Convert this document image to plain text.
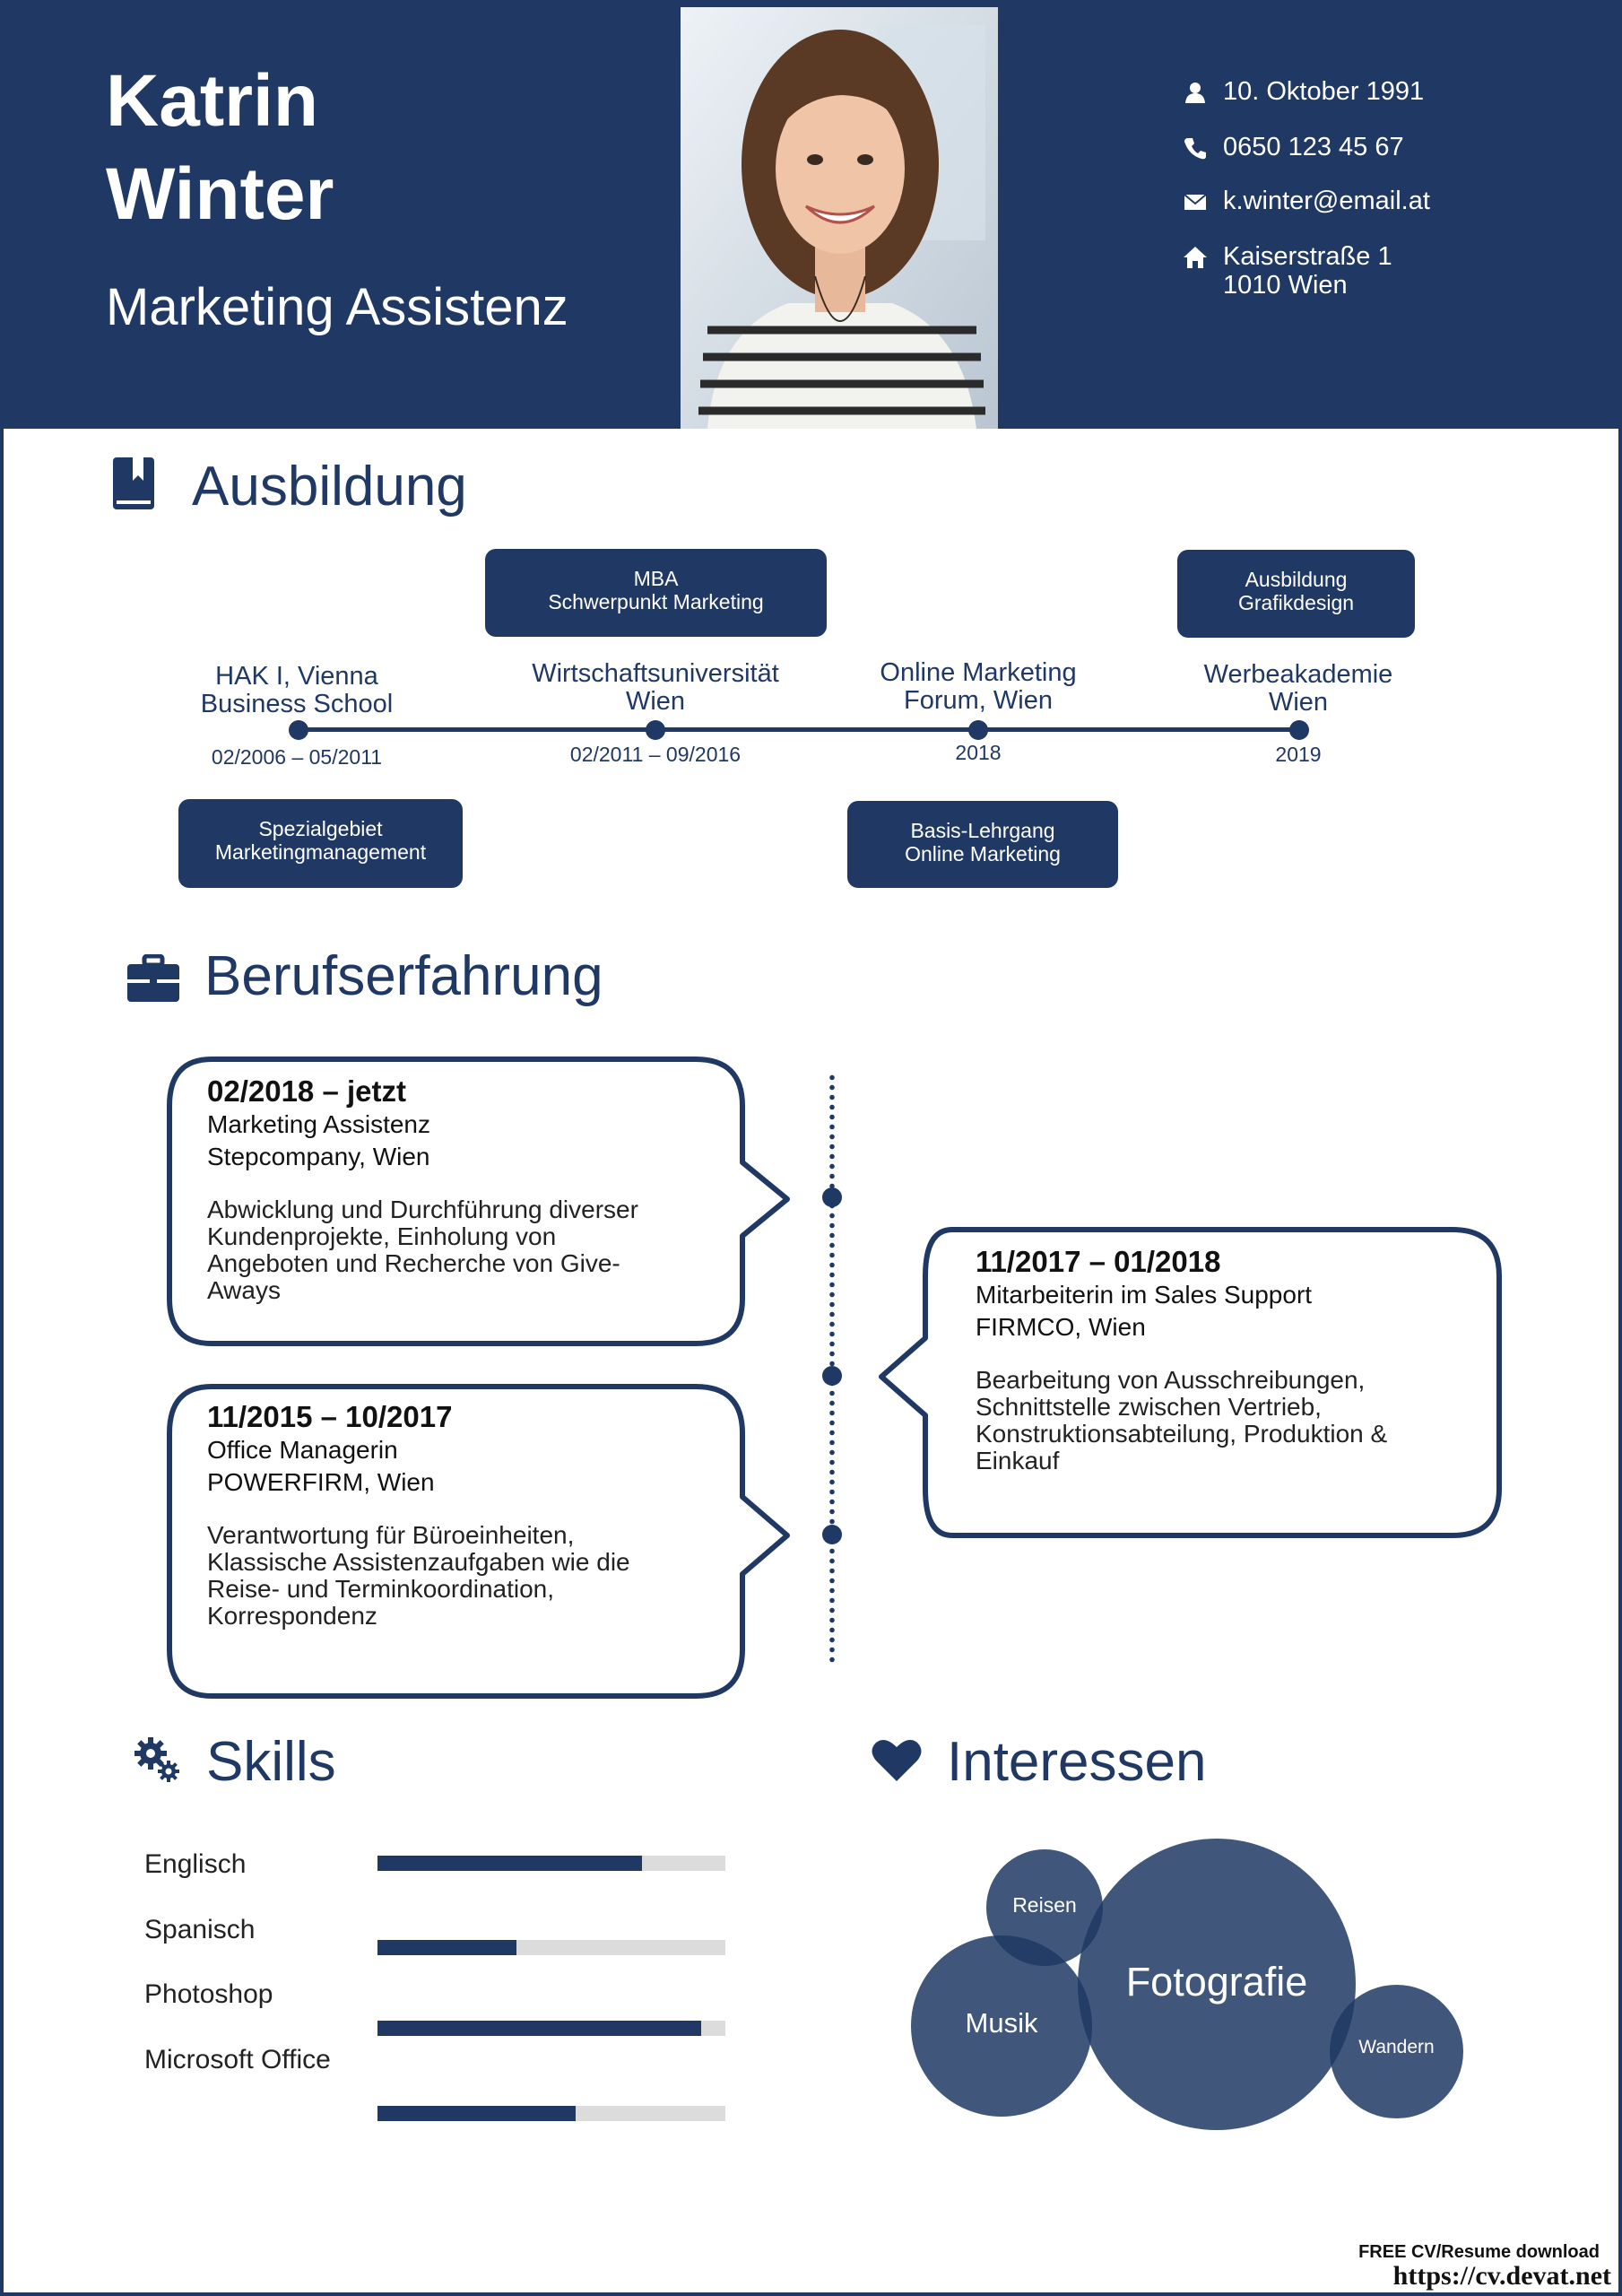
Katrin
Winter
Marketing Assistenz
10. Oktober 1991
0650 123 45 67
k.winter@email.at
Kaiserstraße 1
1010 Wien
Ausbildung
HAK I, Vienna
Business School
Wirtschaftsuniversität
Wien
Online Marketing
Forum, Wien
Werbeakademie
Wien
02/2006 – 05/2011	02/2011 – 09/2016	2018	2019
MBA
Schwerpunkt Marketing
Ausbildung
Grafikdesign
Spezialgebiet
Marketingmanagement
Basis-Lehrgang
Online Marketing
Berufserfahrung
02/2018 – jetzt
Marketing Assistenz
Stepcompany, Wien
Abwicklung und Durchführung diverser
Kundenprojekte, Einholung von
Angeboten und Recherche von Give-
Aways
11/2017 – 01/2018
Mitarbeiterin im Sales Support
FIRMCO, Wien
Bearbeitung von Ausschreibungen,
Schnittstelle zwischen Vertrieb,
Konstruktionsabteilung, Produktion &
Einkauf
11/2015 – 10/2017
Office Managerin
POWERFIRM, Wien
Verantwortung für Büroeinheiten,
Klassische Assistenzaufgaben wie die
Reise- und Terminkoordination,
Korrespondenz
Skills
Englisch
Spanisch
Photoshop
Microsoft Office
Interessen
Reisen
Musik
Fotografie
Wandern
FREE CV/Resume download
https://cv.devat.net
